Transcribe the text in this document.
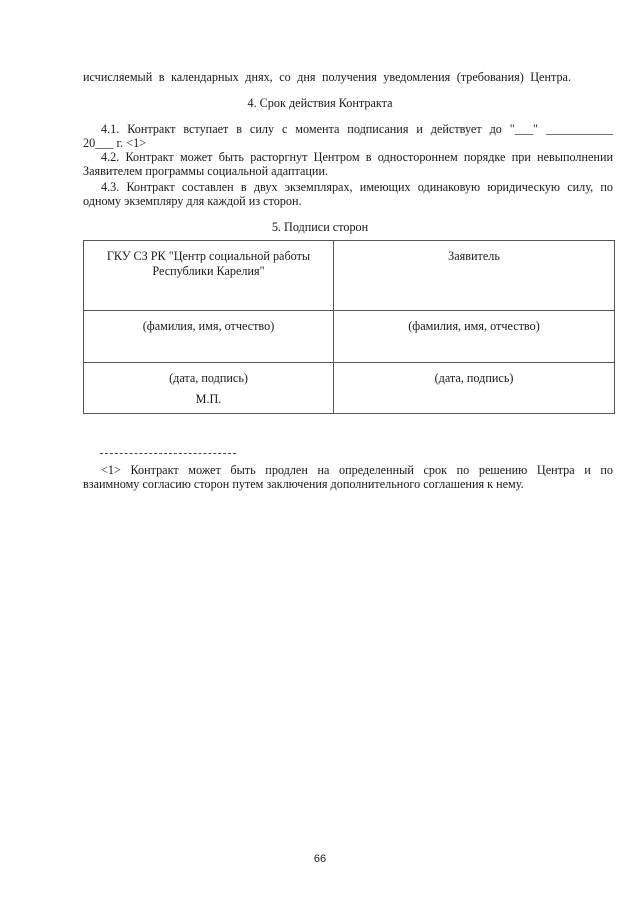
исчисляемый в календарных днях, со дня получения уведомления (требования) Центра.
4. Срок действия Контракта
4.1. Контракт вступает в силу с момента подписания и действует до "___" ___________
20___ г. <1>
4.2. Контракт может быть расторгнут Центром в одностороннем порядке при невыполнении
Заявителем программы социальной адаптации.
4.3. Контракт составлен в двух экземплярах, имеющих одинаковую юридическую силу, по
одному экземпляру для каждой из сторон.
5. Подписи сторон
ГКУ СЗ РК "Центр социальной работы
Республики Карелия"	Заявитель

(фамилия, имя, отчество)	(фамилия, имя, отчество)

(дата, подпись)
М.П.	(дата, подпись)
<1> Контракт может быть продлен на определенный срок по решению Центра и по
взаимному согласию сторон путем заключения дополнительного соглашения к нему.
66
